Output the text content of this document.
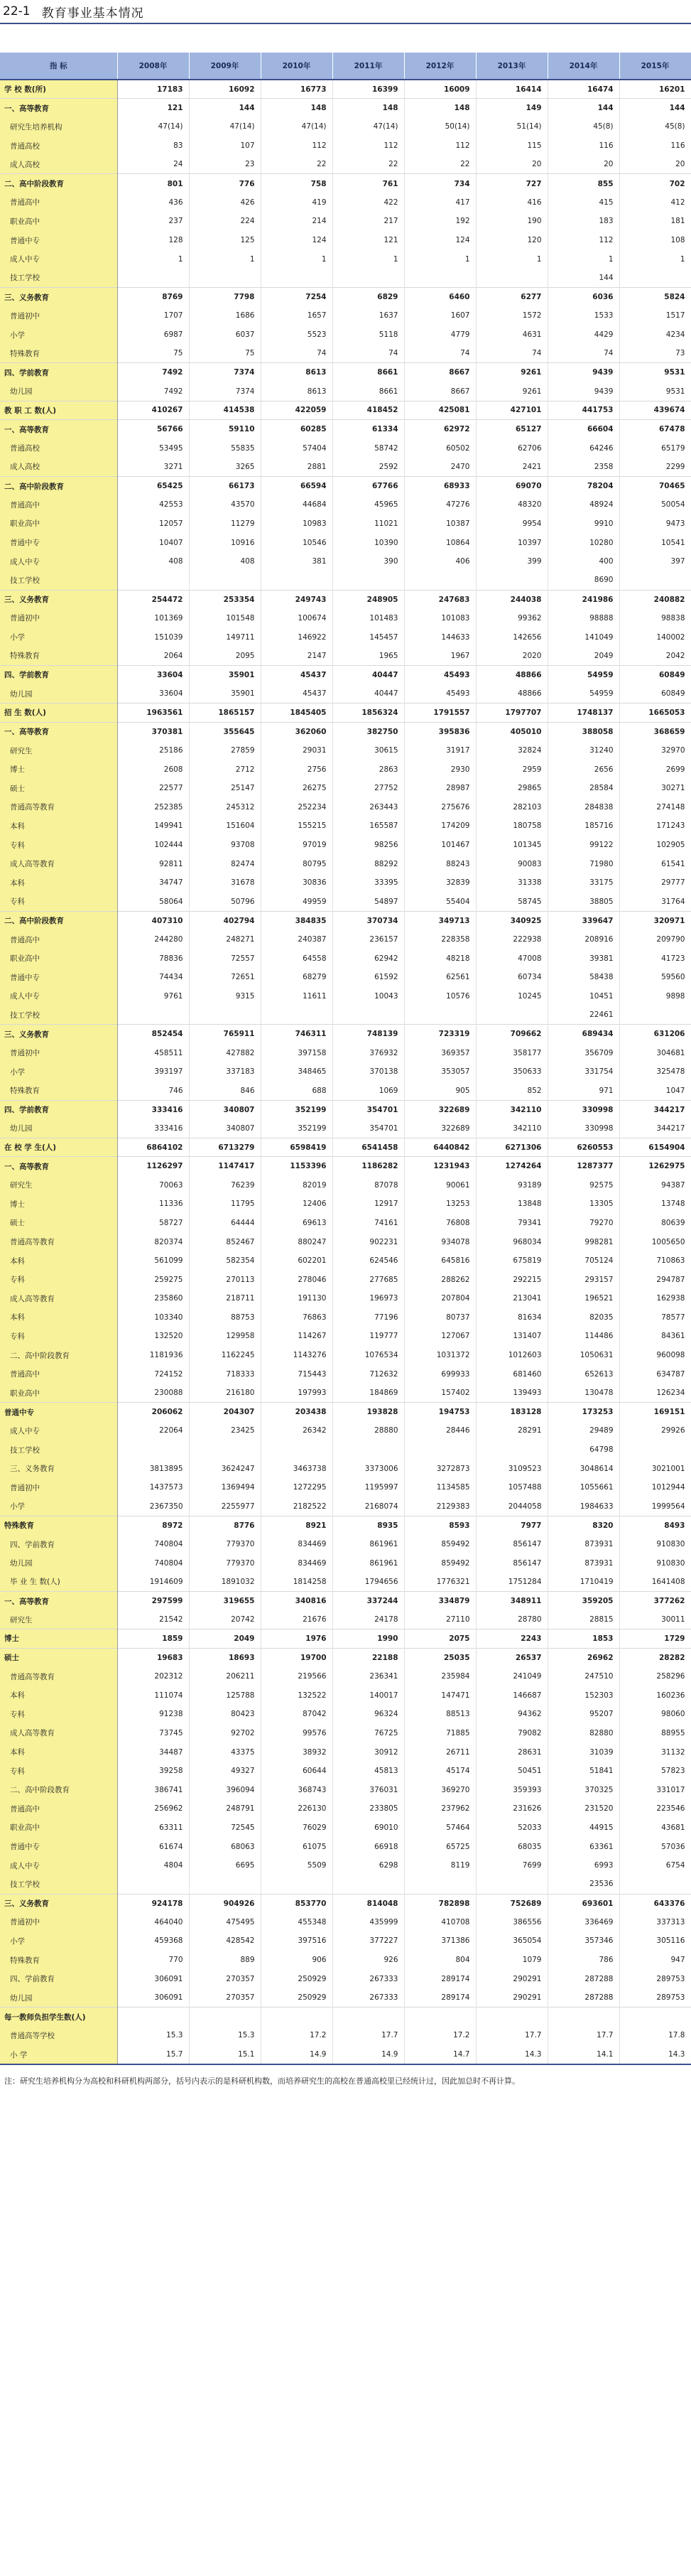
22-1 教育事业基本情况
指 标	2008年	2009年	2010年	2011年	2012年	2013年	2014年	2015年
学 校 数(所)	17183	16092	16773	16399	16009	16414	16474	16201
一、高等教育	121	144	148	148	148	149	144	144
研究生培养机构	47(14)	47(14)	47(14)	47(14)	50(14)	51(14)	45(8)	45(8)
普通高校	83	107	112	112	112	115	116	116
成人高校	24	23	22	22	22	20	20	20
二、高中阶段教育	801	776	758	761	734	727	855	702
普通高中	436	426	419	422	417	416	415	412
职业高中	237	224	214	217	192	190	183	181
普通中专	128	125	124	121	124	120	112	108
成人中专	1	1	1	1	1	1	1	1
技工学校							144	
三、义务教育	8769	7798	7254	6829	6460	6277	6036	5824
普通初中	1707	1686	1657	1637	1607	1572	1533	1517
小学	6987	6037	5523	5118	4779	4631	4429	4234
特殊教育	75	75	74	74	74	74	74	73
四、学前教育	7492	7374	8613	8661	8667	9261	9439	9531
幼儿园	7492	7374	8613	8661	8667	9261	9439	9531
教 职 工 数(人)	410267	414538	422059	418452	425081	427101	441753	439674
一、高等教育	56766	59110	60285	61334	62972	65127	66604	67478
普通高校	53495	55835	57404	58742	60502	62706	64246	65179
成人高校	3271	3265	2881	2592	2470	2421	2358	2299
二、高中阶段教育	65425	66173	66594	67766	68933	69070	78204	70465
普通高中	42553	43570	44684	45965	47276	48320	48924	50054
职业高中	12057	11279	10983	11021	10387	9954	9910	9473
普通中专	10407	10916	10546	10390	10864	10397	10280	10541
成人中专	408	408	381	390	406	399	400	397
技工学校							8690	
三、义务教育	254472	253354	249743	248905	247683	244038	241986	240882
普通初中	101369	101548	100674	101483	101083	99362	98888	98838
小学	151039	149711	146922	145457	144633	142656	141049	140002
特殊教育	2064	2095	2147	1965	1967	2020	2049	2042
四、学前教育	33604	35901	45437	40447	45493	48866	54959	60849
幼儿园	33604	35901	45437	40447	45493	48866	54959	60849
招 生 数(人)	1963561	1865157	1845405	1856324	1791557	1797707	1748137	1665053
一、高等教育	370381	355645	362060	382750	395836	405010	388058	368659
研究生	25186	27859	29031	30615	31917	32824	31240	32970
博士	2608	2712	2756	2863	2930	2959	2656	2699
硕士	22577	25147	26275	27752	28987	29865	28584	30271
普通高等教育	252385	245312	252234	263443	275676	282103	284838	274148
本科	149941	151604	155215	165587	174209	180758	185716	171243
专科	102444	93708	97019	98256	101467	101345	99122	102905
成人高等教育	92811	82474	80795	88292	88243	90083	71980	61541
本科	34747	31678	30836	33395	32839	31338	33175	29777
专科	58064	50796	49959	54897	55404	58745	38805	31764
二、高中阶段教育	407310	402794	384835	370734	349713	340925	339647	320971
普通高中	244280	248271	240387	236157	228358	222938	208916	209790
职业高中	78836	72557	64558	62942	48218	47008	39381	41723
普通中专	74434	72651	68279	61592	62561	60734	58438	59560
成人中专	9761	9315	11611	10043	10576	10245	10451	9898
技工学校							22461	
三、义务教育	852454	765911	746311	748139	723319	709662	689434	631206
普通初中	458511	427882	397158	376932	369357	358177	356709	304681
小学	393197	337183	348465	370138	353057	350633	331754	325478
特殊教育	746	846	688	1069	905	852	971	1047
四、学前教育	333416	340807	352199	354701	322689	342110	330998	344217
幼儿园	333416	340807	352199	354701	322689	342110	330998	344217
在 校 学 生(人)	6864102	6713279	6598419	6541458	6440842	6271306	6260553	6154904
一、高等教育	1126297	1147417	1153396	1186282	1231943	1274264	1287377	1262975
研究生	70063	76239	82019	87078	90061	93189	92575	94387
博士	11336	11795	12406	12917	13253	13848	13305	13748
硕士	58727	64444	69613	74161	76808	79341	79270	80639
普通高等教育	820374	852467	880247	902231	934078	968034	998281	1005650
本科	561099	582354	602201	624546	645816	675819	705124	710863
专科	259275	270113	278046	277685	288262	292215	293157	294787
成人高等教育	235860	218711	191130	196973	207804	213041	196521	162938
本科	103340	88753	76863	77196	80737	81634	82035	78577
专科	132520	129958	114267	119777	127067	131407	114486	84361
二、高中阶段教育	1181936	1162245	1143276	1076534	1031372	1012603	1050631	960098
普通高中	724152	718333	715443	712632	699933	681460	652613	634787
职业高中	230088	216180	197993	184869	157402	139493	130478	126234
普通中专	206062	204307	203438	193828	194753	183128	173253	169151
成人中专	22064	23425	26342	28880	28446	28291	29489	29926
技工学校							64798	
三、义务教育	3813895	3624247	3463738	3373006	3272873	3109523	3048614	3021001
普通初中	1437573	1369494	1272295	1195997	1134585	1057488	1055661	1012944
小学	2367350	2255977	2182522	2168074	2129383	2044058	1984633	1999564
特殊教育	8972	8776	8921	8935	8593	7977	8320	8493
四、学前教育	740804	779370	834469	861961	859492	856147	873931	910830
幼儿园	740804	779370	834469	861961	859492	856147	873931	910830
毕 业 生 数(人)	1914609	1891032	1814258	1794656	1776321	1751284	1710419	1641408
一、高等教育	297599	319655	340816	337244	334879	348911	359205	377262
研究生	21542	20742	21676	24178	27110	28780	28815	30011
博士	1859	2049	1976	1990	2075	2243	1853	1729
硕士	19683	18693	19700	22188	25035	26537	26962	28282
普通高等教育	202312	206211	219566	236341	235984	241049	247510	258296
本科	111074	125788	132522	140017	147471	146687	152303	160236
专科	91238	80423	87042	96324	88513	94362	95207	98060
成人高等教育	73745	92702	99576	76725	71885	79082	82880	88955
本科	34487	43375	38932	30912	26711	28631	31039	31132
专科	39258	49327	60644	45813	45174	50451	51841	57823
二、高中阶段教育	386741	396094	368743	376031	369270	359393	370325	331017
普通高中	256962	248791	226130	233805	237962	231626	231520	223546
职业高中	63311	72545	76029	69010	57464	52033	44915	43681
普通中专	61674	68063	61075	66918	65725	68035	63361	57036
成人中专	4804	6695	5509	6298	8119	7699	6993	6754
技工学校							23536	
三、义务教育	924178	904926	853770	814048	782898	752689	693601	643376
普通初中	464040	475495	455348	435999	410708	386556	336469	337313
小学	459368	428542	397516	377227	371386	365054	357346	305116
特殊教育	770	889	906	926	804	1079	786	947
四、学前教育	306091	270357	250929	267333	289174	290291	287288	289753
幼儿园	306091	270357	250929	267333	289174	290291	287288	289753
每一教师负担学生数(人)								
普通高等学校	15.3	15.3	17.2	17.7	17.2	17.7	17.7	17.8
小 学	15.7	15.1	14.9	14.9	14.7	14.3	14.1	14.3
注：研究生培养机构分为高校和科研机构两部分，括号内表示的是科研机构数，而培养研究生的高校在普通高校里已经统计过，因此加总时不再计算。
